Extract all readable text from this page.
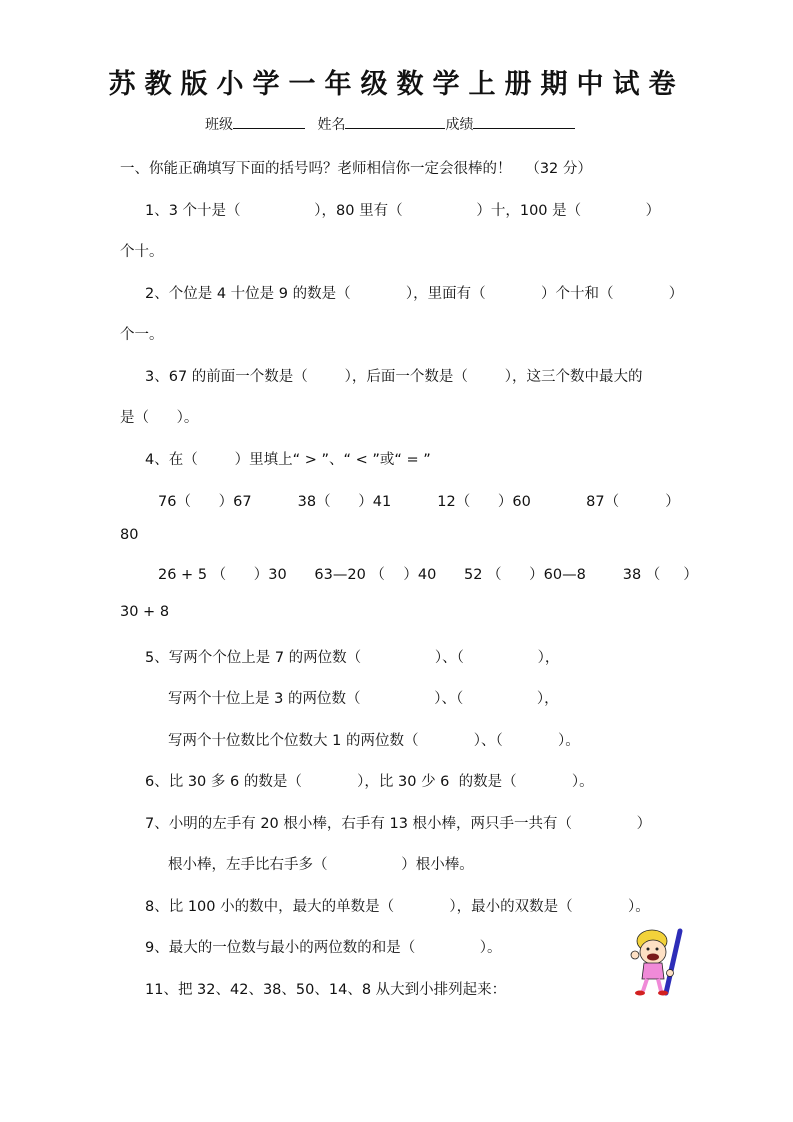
苏教版小学一年级数学上册期中试卷
班级	姓名	成绩
一、你能正确填写下面的括号吗？老师相信你一定会很棒的！   （32 分）
1、3 个十是（                ），80 里有（                ）十，100 是（              ）
个十。
2、个位是 4 十位是 9 的数是（            ），里面有（            ）个十和（            ）
个一。
3、67 的前面一个数是（        ），后面一个数是（        ），这三个数中最大的
是（      ）。
4、在（        ）里填上“ > ”、“ < ”或“ = ”
76（      ）67          38（      ）41          12（      ）60            87（          ）
80
26 + 5 （      ）30      63—20 （    ）40      52 （      ）60—8        38 （     ）
30 + 8
5、写两个个位上是 7 的两位数（                ）、（                ），
写两个十位上是 3 的两位数（                ）、（                ），
写两个十位数比个位数大 1 的两位数（            ）、（            ）。
6、比 30 多 6 的数是（            ），比 30 少 6  的数是（            ）。
7、小明的左手有 20 根小棒，右手有 13 根小棒，两只手一共有（              ）
根小棒，左手比右手多（                ）根小棒。
8、比 100 小的数中，最大的单数是（            ），最小的双数是（            ）。
9、最大的一位数与最小的两位数的和是（              ）。
11、把 32、42、38、50、14、8 从大到小排列起来：
